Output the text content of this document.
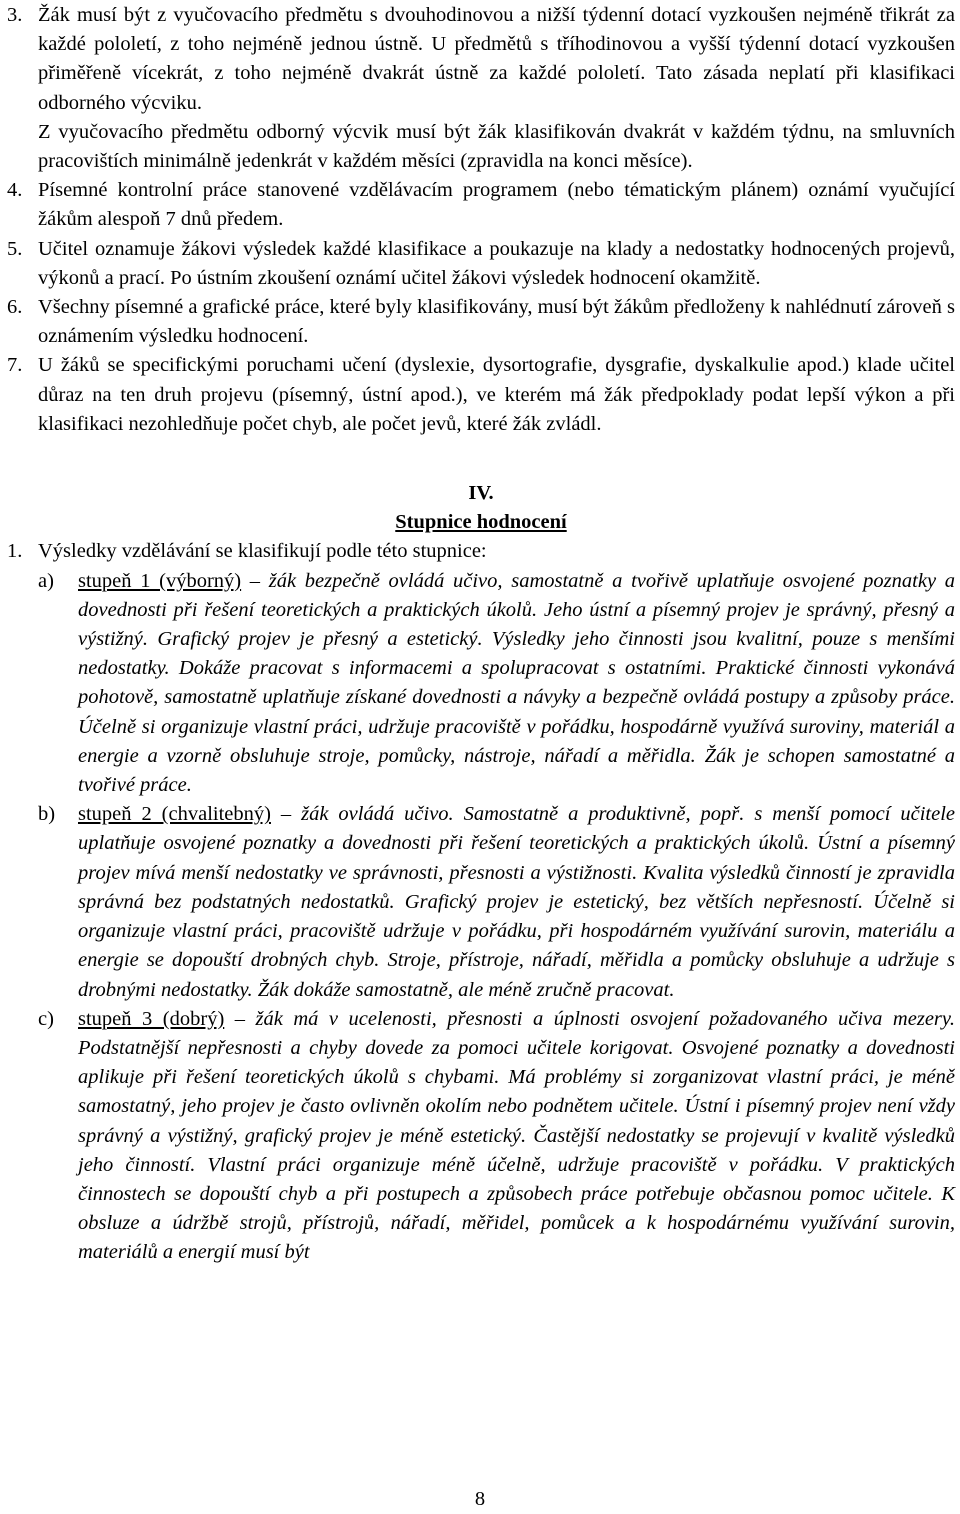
3. Žák musí být z vyučovacího předmětu s dvouhodinovou a nižší týdenní dotací vyzkoušen nejméně třikrát za každé pololetí, z toho nejméně jednou ústně. U předmětů s tříhodinovou a vyšší týdenní dotací vyzkoušen přiměřeně vícekrát, z toho nejméně dvakrát ústně za každé pololetí. Tato zásada neplatí při klasifikaci odborného výcviku.

Z vyučovacího předmětu odborný výcvik musí být žák klasifikován dvakrát v každém týdnu, na smluvních pracovištích minimálně jedenkrát v každém měsíci (zpravidla na konci měsíce).

4. Písemné kontrolní práce stanovené vzdělávacím programem (nebo tématickým plánem) oznámí vyučující žákům alespoň 7 dnů předem.

5. Učitel oznamuje žákovi výsledek každé klasifikace a poukazuje na klady a nedostatky hodnocených projevů, výkonů a prací. Po ústním zkoušení oznámí učitel žákovi výsledek hodnocení okamžitě.

6. Všechny písemné a grafické práce, které byly klasifikovány, musí být žákům předloženy k nahlédnutí zároveň s oznámením výsledku hodnocení.

7. U žáků se specifickými poruchami učení (dyslexie, dysortografie, dysgrafie, dyskalkulie apod.) klade učitel důraz na ten druh projevu (písemný, ústní apod.), ve kterém má žák předpoklady podat lepší výkon a při klasifikaci nezohledňuje počet chyb, ale počet jevů, které žák zvládl.

IV.

Stupnice hodnocení

1. Výsledky vzdělávání se klasifikují podle této stupnice:
a)	stupeň 1 (výborný) – žák bezpečně ovládá učivo, samostatně a tvořivě uplatňuje osvojené poznatky a dovednosti při řešení teoretických a praktických úkolů. Jeho ústní a písemný projev je správný, přesný a výstižný. Grafický projev je přesný a estetický. Výsledky jeho činnosti jsou kvalitní, pouze s menšími nedostatky. Dokáže pracovat s informacemi a spolupracovat s ostatními. Praktické činnosti vykonává pohotově, samostatně uplatňuje získané dovednosti a návyky a bezpečně ovládá postupy a způsoby práce. Účelně si organizuje vlastní práci, udržuje pracoviště v pořádku, hospodárně využívá suroviny, materiál a energie a vzorně obsluhuje stroje, pomůcky, nástroje, nářadí a měřidla. Žák je schopen samostatné a tvořivé práce.
b)	stupeň 2 (chvalitebný) – žák ovládá učivo. Samostatně a produktivně, popř. s menší pomocí učitele uplatňuje osvojené poznatky a dovednosti při řešení teoretických a praktických úkolů. Ústní a písemný projev mívá menší nedostatky ve správnosti, přesnosti a výstižnosti. Kvalita výsledků činností je zpravidla správná bez podstatných nedostatků. Grafický projev je estetický, bez větších nepřesností. Účelně si organizuje vlastní práci, pracoviště udržuje v pořádku, při hospodárném využívání surovin, materiálu a energie se dopouští drobných chyb. Stroje, přístroje, nářadí, měřidla a pomůcky obsluhuje a udržuje s drobnými nedostatky. Žák dokáže samostatně, ale méně zručně pracovat.
c)	stupeň 3 (dobrý) – žák má v ucelenosti, přesnosti a úplnosti osvojení požadovaného učiva mezery. Podstatnější nepřesnosti a chyby dovede za pomoci učitele korigovat. Osvojené poznatky a dovednosti aplikuje při řešení teoretických úkolů s chybami. Má problémy si zorganizovat vlastní práci, je méně samostatný, jeho projev je často ovlivněn okolím nebo podnětem učitele. Ústní i písemný projev není vždy správný a výstižný, grafický projev je méně estetický. Častější nedostatky se projevují v kvalitě výsledků jeho činností. Vlastní práci organizuje méně účelně, udržuje pracoviště v pořádku. V praktických činnostech se dopouští chyb a při postupech a způsobech práce potřebuje občasnou pomoc učitele. K obsluze a údržbě strojů, přístrojů, nářadí, měřidel, pomůcek a k hospodárnému využívání surovin, materiálů a energií musí být
8
